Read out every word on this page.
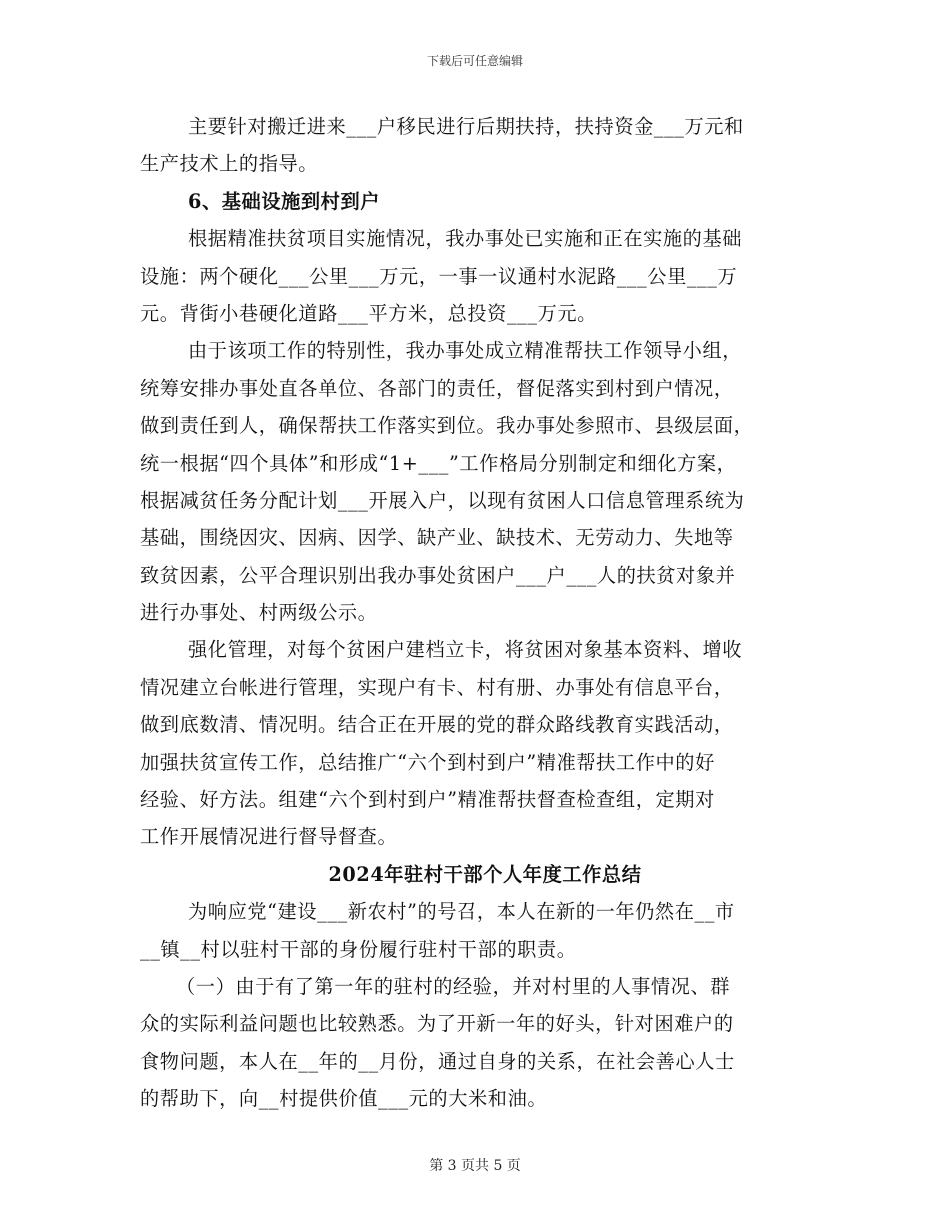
下载后可任意编辑
主要针对搬迁进来___户移民进行后期扶持，扶持资金___万元和
生产技术上的指导。
6、基础设施到村到户
根据精准扶贫项目实施情况，我办事处已实施和正在实施的基础
设施：两个硬化___公里___万元，一事一议通村水泥路___公里___万
元。背街小巷硬化道路___平方米，总投资___万元。
由于该项工作的特别性，我办事处成立精准帮扶工作领导小组，
统筹安排办事处直各单位、各部门的责任，督促落实到村到户情况，
做到责任到人，确保帮扶工作落实到位。我办事处参照市、县级层面，
统一根据“四个具体”和形成“1+___”工作格局分别制定和细化方案，
根据减贫任务分配计划___开展入户，以现有贫困人口信息管理系统为
基础，围绕因灾、因病、因学、缺产业、缺技术、无劳动力、失地等
致贫因素，公平合理识别出我办事处贫困户___户___人的扶贫对象并
进行办事处、村两级公示。
强化管理，对每个贫困户建档立卡，将贫困对象基本资料、增收
情况建立台帐进行管理，实现户有卡、村有册、办事处有信息平台，
做到底数清、情况明。结合正在开展的党的群众路线教育实践活动，
加强扶贫宣传工作，总结推广“六个到村到户”精准帮扶工作中的好
经验、好方法。组建“六个到村到户”精准帮扶督查检查组，定期对
工作开展情况进行督导督查。
2024年驻村干部个人年度工作总结
为响应党“建设___新农村”的号召，本人在新的一年仍然在__市
__镇__村以驻村干部的身份履行驻村干部的职责。
（一）由于有了第一年的驻村的经验，并对村里的人事情况、群
众的实际利益问题也比较熟悉。为了开新一年的好头，针对困难户的
食物问题，本人在__年的__月份，通过自身的关系，在社会善心人士
的帮助下，向__村提供价值___元的大米和油。
第 3 页共 5 页
